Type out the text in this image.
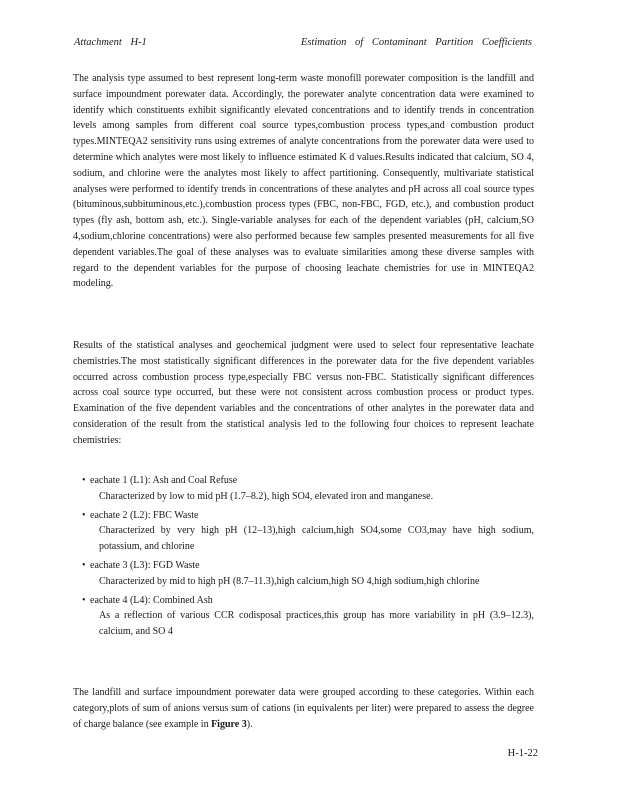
Attachment H-1	Estimation of Contaminant Partition Coefficients

The analysis type assumed to best represent long-term waste monofill porewater composition is the landfill and surface impoundment porewater data. Accordingly, the porewater analyte concentration data were examined to identify which constituents exhibit significantly elevated concentrations and to identify trends in concentration levels among samples from different coal source types,combustion process types,and combustion product types.MINTEQA2 sensitivity runs using extremes of analyte concentrations from the porewater data were used to determine which analytes were most likely to influence estimated K d values.Results indicated that calcium, SO 4, sodium, and chlorine were the analytes most likely to affect partitioning. Consequently, multivariate statistical analyses were performed to identify trends in concentrations of these analytes and pH across all coal source types (bituminous,subbituminous,etc.),combustion process types (FBC, non-FBC, FGD, etc.), and combustion product types (fly ash, bottom ash, etc.). Single-variable analyses for each of the dependent variables (pH, calcium,SO 4,sodium,chlorine concentrations) were also performed because few samples presented measurements for all five dependent variables.The goal of these analyses was to evaluate similarities among these diverse samples with regard to the dependent variables for the purpose of choosing leachate chemistries for use in MINTEQA2 modeling.

Results of the statistical analyses and geochemical judgment were used to select four representative leachate chemistries.The most statistically significant differences in the porewater data for the five dependent variables occurred across combustion process type,especially FBC versus non-FBC. Statistically significant differences across coal source type occurred, but these were not consistent across combustion process or product types. Examination of the five dependent variables and the concentrations of other analytes in the porewater data and consideration of the result from the statistical analysis led to the following four choices to represent leachate chemistries:

• eachate 1 (L1): Ash and Coal Refuse
Characterized by low to mid pH (1.7–8.2), high SO4, elevated iron and manganese.
• eachate 2 (L2): FBC Waste
Characterized by very high pH (12–13),high calcium,high SO4,some CO3,may have high sodium, potassium, and chlorine
• eachate 3 (L3): FGD Waste
Characterized by mid to high pH (8.7–11.3),high calcium,high SO 4,high sodium,high chlorine
• eachate 4 (L4): Combined Ash
As a reflection of various CCR codisposal practices,this group has more variability in pH (3.9–12.3), calcium, and SO 4

The landfill and surface impoundment porewater data were grouped according to these categories. Within each category,plots of sum of anions versus sum of cations (in equivalents per liter) were prepared to assess the degree of charge balance (see example in Figure 3).

H-1-22
